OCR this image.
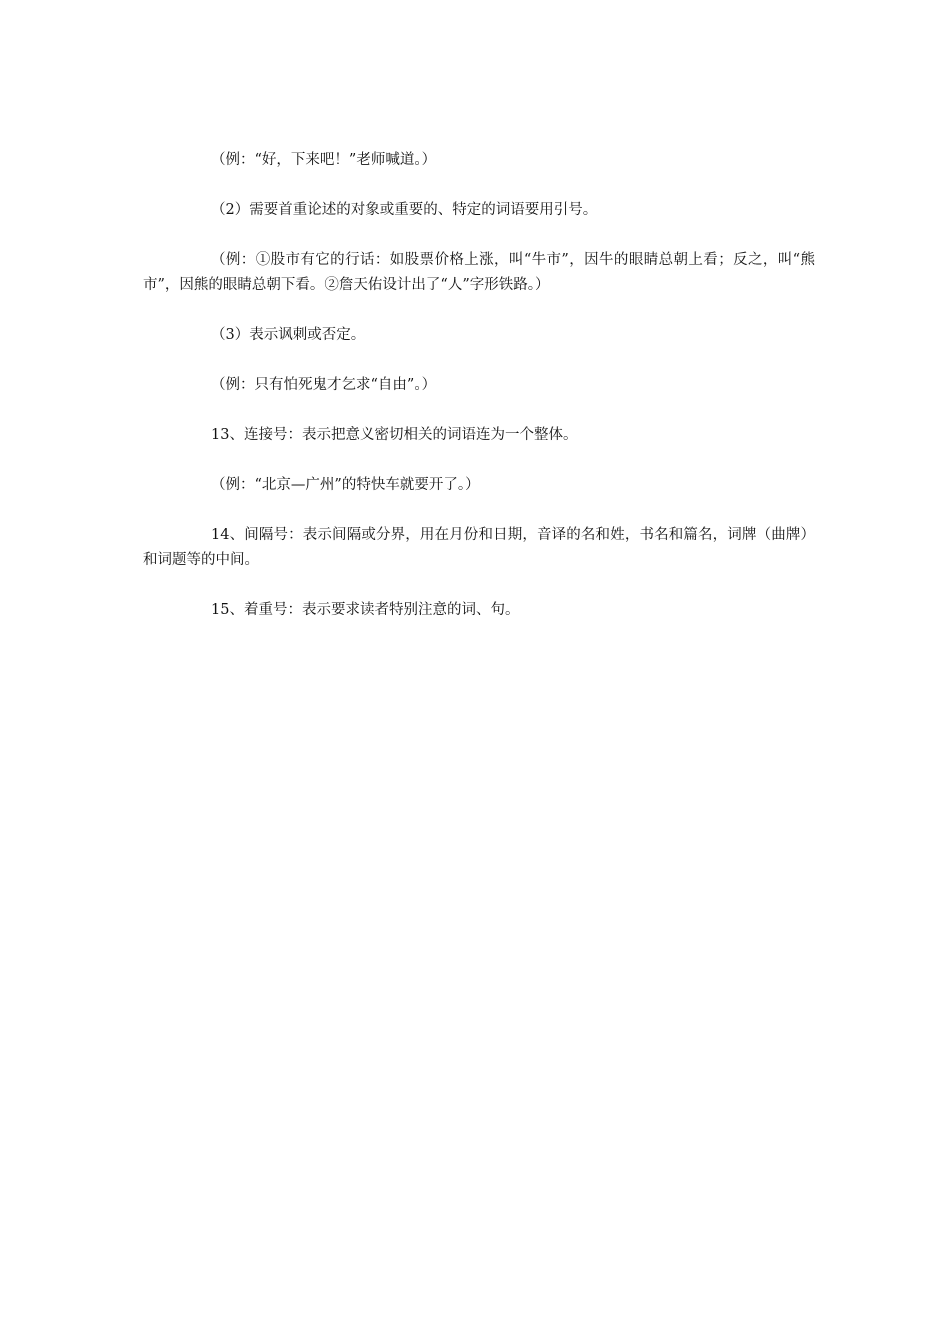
（例：“好，下来吧！”老师喊道。）

（2）需要首重论述的对象或重要的、特定的词语要用引号。

（例：①股市有它的行话：如股票价格上涨，叫“牛市”，因牛的眼睛总朝上看；反之，叫“熊市”，因熊的眼睛总朝下看。②詹天佑设计出了“人”字形铁路。）

（3）表示讽刺或否定。

（例：只有怕死鬼才乞求“自由”。）

13、连接号：表示把意义密切相关的词语连为一个整体。

（例：“北京—广州”的特快车就要开了。）

14、间隔号：表示间隔或分界，用在月份和日期，音译的名和姓，书名和篇名，词牌（曲牌）和词题等的中间。

15、着重号：表示要求读者特别注意的词、句。
